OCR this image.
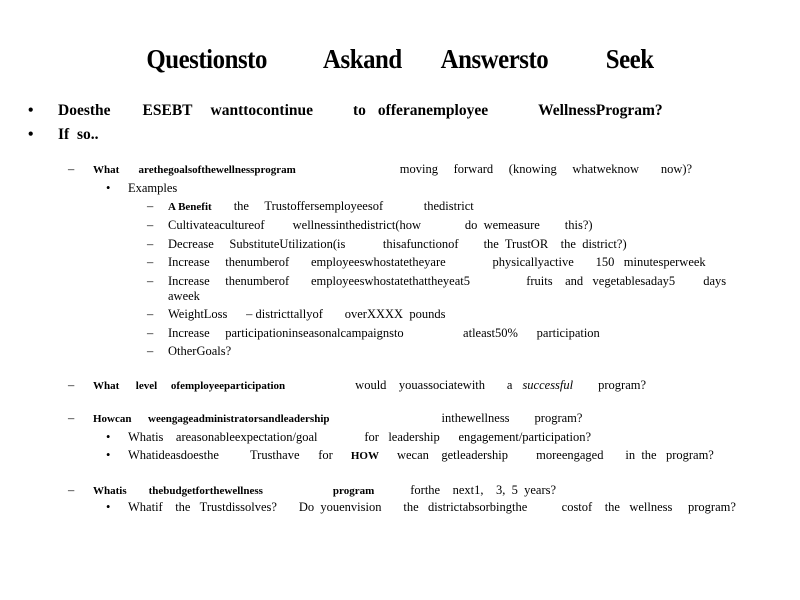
Questionsto          Askand       Answersto          Seek
• Doesthe ESEBT wanttocontinue	to offeranemployee	WellnessProgram?
• If  so..
– What       arethegoalsofthewellnessprogram	moving     forward     (knowing     whatweknow       now)?
• Examples
– A Benefit the     Trustoffersemployeesof             thedistrict
– Cultivateacultureof         wellnessinthedistrict(how              do  wemeasure        this?)
– Decrease     SubstituteUtilization(is            thisafunctionof        the  TrustOR    the  district?)
– Increase     thenumberof       employeeswhostatetheyare               physicallyactive       150   minutesperweek
– Increase     thenumberof       employeeswhostatethattheyeat5                  fruits    and   vegetablesaday5         days
aweek
– WeightLoss      – districttallyof       overXXXX  pounds
– Increase     participationinseasonalcampaignsto                   atleast50%      participation
– OtherGoals?
– What      level     ofemployeeparticipation	would    youassociatewith       a successful program?
– Howcan      weengageadministratorsandleadership	inthewellness        program?
• Whatis    areasonableexpectation/goal               for   leadership      engagement/participation?
• Whatideasdoesthe          Trusthave      for HOW wecan    getleadership         moreengaged       in  the   program?
– Whatis        thebudgetforthewellness	program	forthe    next1,    3,  5  years?
• Whatif    the   Trustdissolves?       Do  youenvision       the   districtabsorbingthe           costof    the   wellness     program?
